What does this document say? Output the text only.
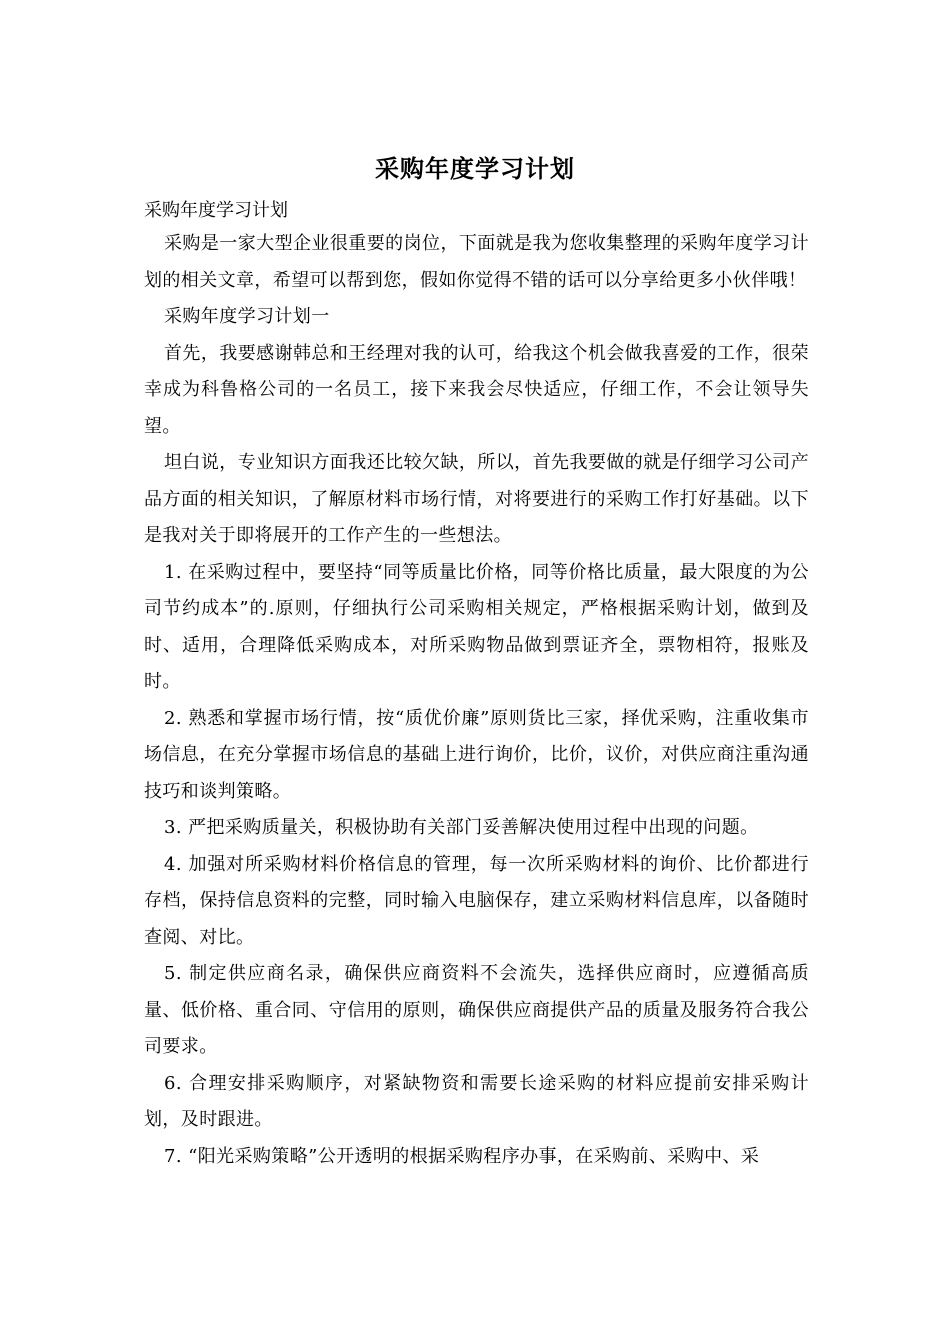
采购年度学习计划
采购年度学习计划

采购是一家大型企业很重要的岗位，下面就是我为您收集整理的采购年度学习计划的相关文章，希望可以帮到您，假如你觉得不错的话可以分享给更多小伙伴哦！

采购年度学习计划一

首先，我要感谢韩总和王经理对我的认可，给我这个机会做我喜爱的工作，很荣幸成为科鲁格公司的一名员工，接下来我会尽快适应，仔细工作，不会让领导失望。

坦白说，专业知识方面我还比较欠缺，所以，首先我要做的就是仔细学习公司产品方面的相关知识，了解原材料市场行情，对将要进行的采购工作打好基础。以下是我对关于即将展开的工作产生的一些想法。

1. 在采购过程中，要坚持“同等质量比价格，同等价格比质量，最大限度的为公司节约成本”的.原则，仔细执行公司采购相关规定，严格根据采购计划，做到及时、适用，合理降低采购成本，对所采购物品做到票证齐全，票物相符，报账及时。

2. 熟悉和掌握市场行情，按“质优价廉”原则货比三家，择优采购，注重收集市场信息，在充分掌握市场信息的基础上进行询价，比价，议价，对供应商注重沟通技巧和谈判策略。

3. 严把采购质量关，积极协助有关部门妥善解决使用过程中出现的问题。

4. 加强对所采购材料价格信息的管理，每一次所采购材料的询价、比价都进行存档，保持信息资料的完整，同时输入电脑保存，建立采购材料信息库，以备随时查阅、对比。

5. 制定供应商名录，确保供应商资料不会流失，选择供应商时，应遵循高质量、低价格、重合同、守信用的原则，确保供应商提供产品的质量及服务符合我公司要求。

6. 合理安排采购顺序，对紧缺物资和需要长途采购的材料应提前安排采购计划，及时跟进。

7. “阳光采购策略”公开透明的根据采购程序办事，在采购前、采购中、采
